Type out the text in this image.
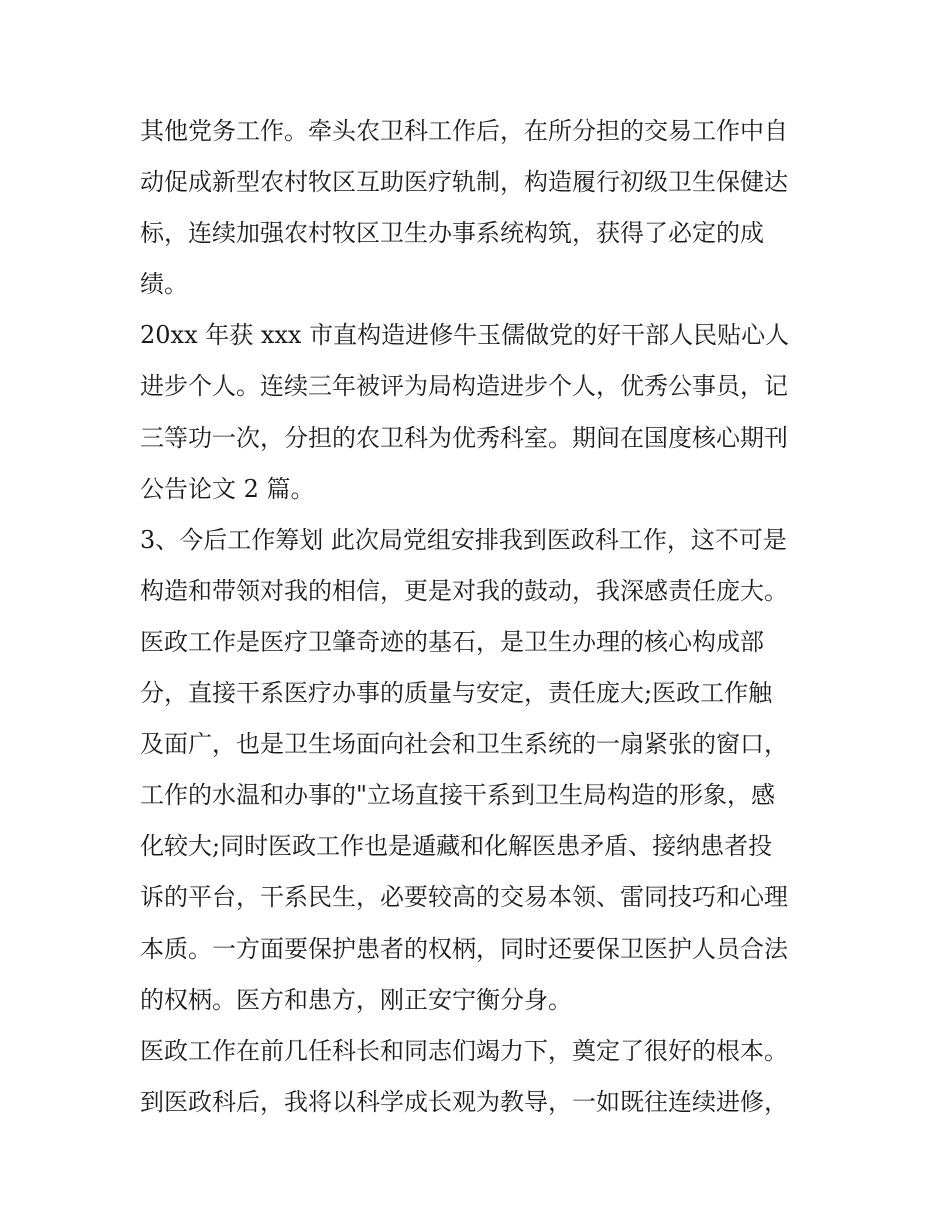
其他党务工作。牵头农卫科工作后，在所分担的交易工作中自
动促成新型农村牧区互助医疗轨制，构造履行初级卫生保健达
标，连续加强农村牧区卫生办事系统构筑，获得了必定的成
绩。
20xx 年获 xxx 市直构造进修牛玉儒做党的好干部人民贴心人
进步个人。连续三年被评为局构造进步个人，优秀公事员，记
三等功一次，分担的农卫科为优秀科室。期间在国度核心期刊
公告论文 2 篇。
3、今后工作筹划 此次局党组安排我到医政科工作，这不可是
构造和带领对我的相信，更是对我的鼓动，我深感责任庞大。
医政工作是医疗卫肇奇迹的基石，是卫生办理的核心构成部
分，直接干系医疗办事的质量与安定，责任庞大;医政工作触
及面广，也是卫生场面向社会和卫生系统的一扇紧张的窗口，
工作的水温和办事的"立场直接干系到卫生局构造的形象，感
化较大;同时医政工作也是遁藏和化解医患矛盾、接纳患者投
诉的平台，干系民生，必要较高的交易本领、雷同技巧和心理
本质。一方面要保护患者的权柄，同时还要保卫医护人员合法
的权柄。医方和患方，刚正安宁衡分身。
医政工作在前几任科长和同志们竭力下，奠定了很好的根本。
到医政科后，我将以科学成长观为教导，一如既往连续进修，
